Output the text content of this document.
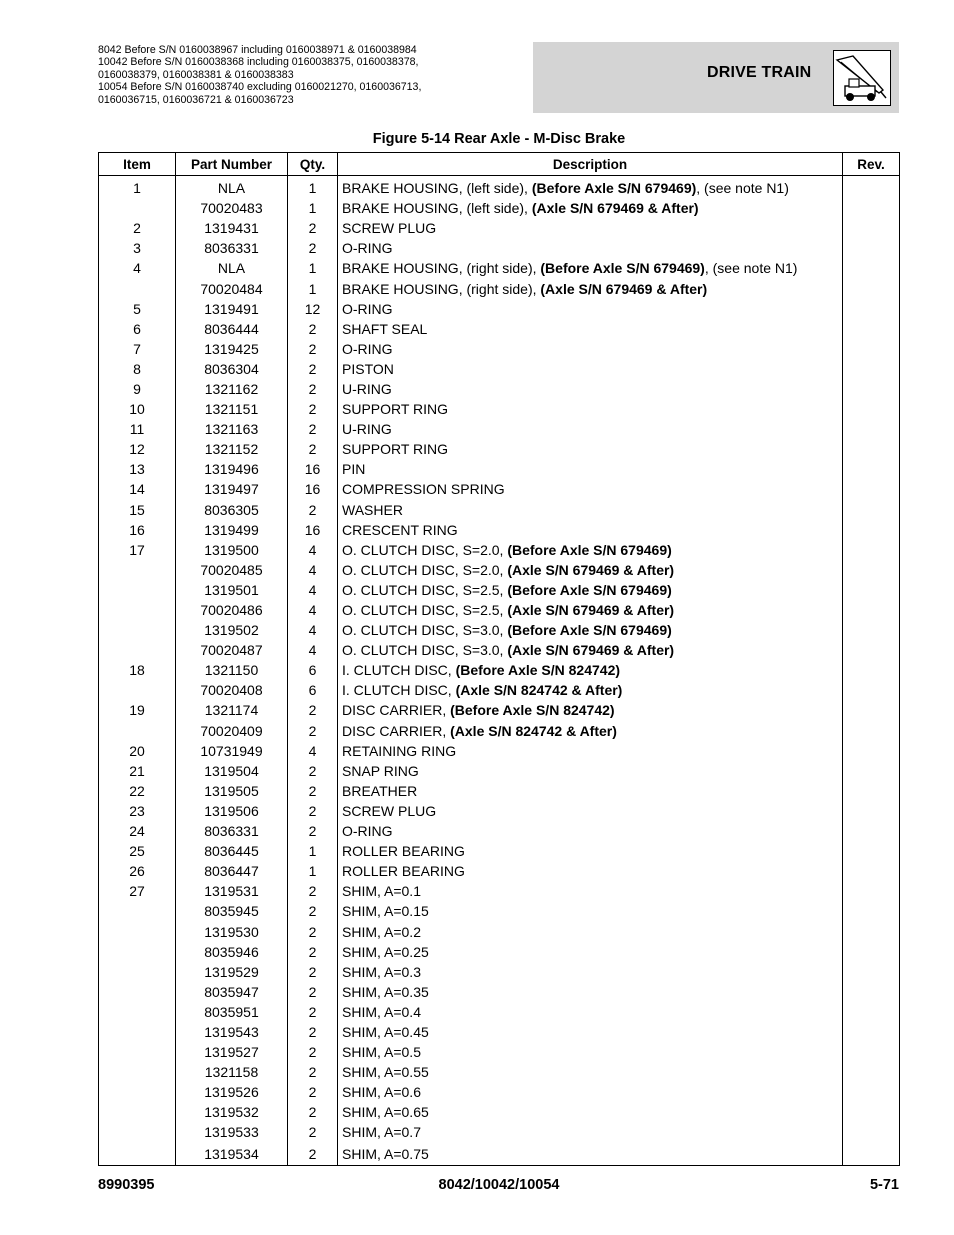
8042 Before S/N 0160038967 including 0160038971 & 0160038984
10042 Before S/N 0160038368 including 0160038375, 0160038378,
0160038379, 0160038381 & 0160038383
10054 Before S/N 0160038740 excluding 0160021270, 0160036713,
0160036715, 0160036721 & 0160036723
DRIVE TRAIN
Figure 5-14 Rear Axle - M-Disc Brake
Item	Part Number	Qty.	Description	Rev.
1	NLA	1	BRAKE HOUSING, (left side), (Before Axle S/N 679469), (see note N1)	
	70020483	1	BRAKE HOUSING, (left side), (Axle S/N 679469 & After)	
2	1319431	2	SCREW PLUG	
3	8036331	2	O-RING	
4	NLA	1	BRAKE HOUSING, (right side), (Before Axle S/N 679469), (see note N1)	
	70020484	1	BRAKE HOUSING, (right side), (Axle S/N 679469 & After)	
5	1319491	12	O-RING	
6	8036444	2	SHAFT SEAL	
7	1319425	2	O-RING	
8	8036304	2	PISTON	
9	1321162	2	U-RING	
10	1321151	2	SUPPORT RING	
11	1321163	2	U-RING	
12	1321152	2	SUPPORT RING	
13	1319496	16	PIN	
14	1319497	16	COMPRESSION SPRING	
15	8036305	2	WASHER	
16	1319499	16	CRESCENT RING	
17	1319500	4	O. CLUTCH DISC, S=2.0, (Before Axle S/N 679469)	
	70020485	4	O. CLUTCH DISC, S=2.0, (Axle S/N 679469 & After)	
	1319501	4	O. CLUTCH DISC, S=2.5, (Before Axle S/N 679469)	
	70020486	4	O. CLUTCH DISC, S=2.5, (Axle S/N 679469 & After)	
	1319502	4	O. CLUTCH DISC, S=3.0, (Before Axle S/N 679469)	
	70020487	4	O. CLUTCH DISC, S=3.0, (Axle S/N 679469 & After)	
18	1321150	6	I. CLUTCH DISC, (Before Axle S/N 824742)	
	70020408	6	I. CLUTCH DISC, (Axle S/N 824742 & After)	
19	1321174	2	DISC CARRIER, (Before Axle S/N 824742)	
	70020409	2	DISC CARRIER, (Axle S/N 824742 & After)	
20	10731949	4	RETAINING RING	
21	1319504	2	SNAP RING	
22	1319505	2	BREATHER	
23	1319506	2	SCREW PLUG	
24	8036331	2	O-RING	
25	8036445	1	ROLLER BEARING	
26	8036447	1	ROLLER BEARING	
27	1319531	2	SHIM, A=0.1	
	8035945	2	SHIM, A=0.15	
	1319530	2	SHIM, A=0.2	
	8035946	2	SHIM, A=0.25	
	1319529	2	SHIM, A=0.3	
	8035947	2	SHIM, A=0.35	
	8035951	2	SHIM, A=0.4	
	1319543	2	SHIM, A=0.45	
	1319527	2	SHIM, A=0.5	
	1321158	2	SHIM, A=0.55	
	1319526	2	SHIM, A=0.6	
	1319532	2	SHIM, A=0.65	
	1319533	2	SHIM, A=0.7	
	1319534	2	SHIM, A=0.75	
8990395	8042/10042/10054	5-71
